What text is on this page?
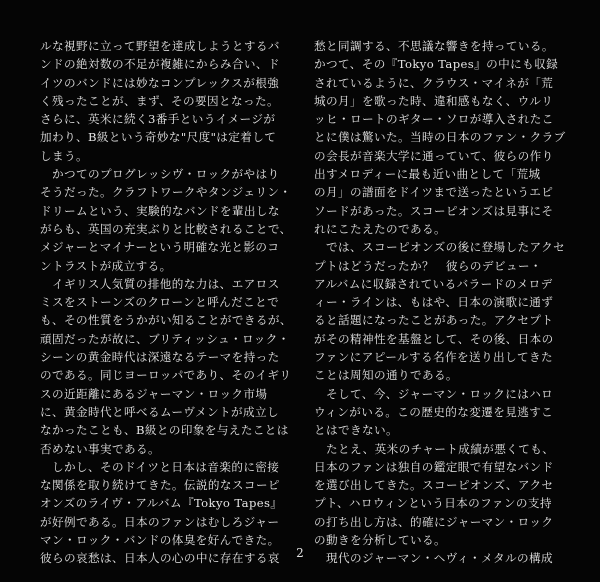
ルな視野に立って野望を達成しようとするバ
ンドの絶対数の不足が複雑にからみ合い、ド
イツのバンドには妙なコンプレックスが根強
く残ったことが、まず、その要因となった。
さらに、英米に続く3番手というイメージが
加わり、B級という奇妙な"尺度"は定着して
しまう。
　かつてのプログレッシヴ・ロックがやはり
そうだった。クラフトワークやタンジェリン・
ドリームという、実験的なバンドを輩出しな
がらも、英国の充実ぶりと比較されることで、
メジャーとマイナーという明確な光と影のコ
ントラストが成立する。
　イギリス人気質の排他的な力は、エアロス
ミスをストーンズのクローンと呼んだことで
も、その性質をうかがい知ることができるが、
頑固だったが故に、ブリティッシュ・ロック・
シーンの黄金時代は深遠なるテーマを持った
のである。同じヨーロッパであり、そのイギリ
スの近距離にあるジャーマン・ロック市場
に、黄金時代と呼べるムーヴメントが成立し
なかったことも、B級との印象を与えたことは
否めない事実である。
　しかし、そのドイツと日本は音楽的に密接
な関係を取り続けてきた。伝説的なスコーピ
オンズのライヴ・アルバム『Tokyo Tapes』
が好例である。日本のファンはむしろジャー
マン・ロック・バンドの体臭を好んできた。
彼らの哀愁は、日本人の心の中に存在する哀
愁と同調する、不思議な響きを持っている。
かつて、その『Tokyo Tapes』の中にも収録
されているように、クラウス・マイネが「荒
城の月」を歌った時、違和感もなく、ウルリ
ッヒ・ロートのギター・ソロが導入されたこ
とに僕は驚いた。当時の日本のファン・クラブ
の会長が音楽大学に通っていて、彼らの作り
出すメロディーに最も近い曲として「荒城
の月」の譜面をドイツまで送ったというエピ
ソードがあった。スコーピオンズは見事にそ
れにこたえたのである。
　では、スコーピオンズの後に登場したアクセ
プトはどうだったか？　彼らのデビュー・
アルバムに収録されているバラードのメロデ
ィー・ラインは、もはや、日本の演歌に通ず
ると話題になったことがあった。アクセプト
がその精神性を基盤として、その後、日本の
ファンにアピールする名作を送り出してきた
ことは周知の通りである。
　そして、今、ジャーマン・ロックにはハロ
ウィンがいる。この歴史的な変遷を見逃すこ
とはできない。
　たとえ、英米のチャート成績が悪くても、
日本のファンは独自の鑑定眼で有望なバンド
を選び出してきた。スコーピオンズ、アクセ
プト、ハロウィンという日本のファンの支持
の打ち出し方は、的確にジャーマン・ロック
の動きを分析している。
　現代のジャーマン・ヘヴィ・メタルの構成
2
